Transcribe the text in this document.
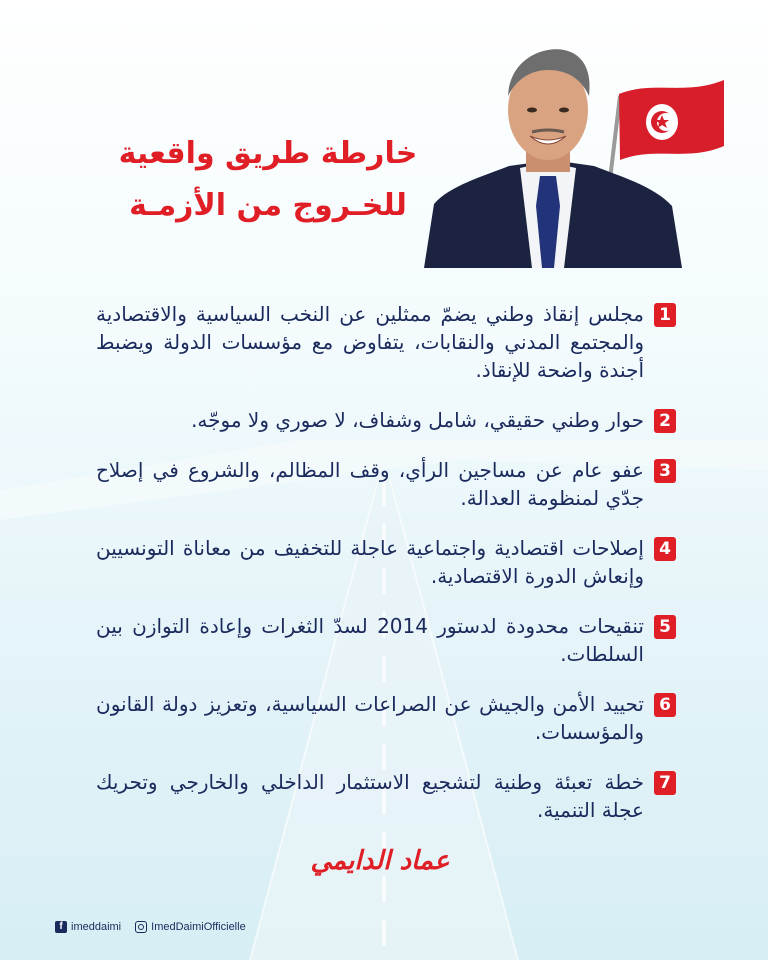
خارطة طريق واقعية
للخـروج من الأزمـة
1
مجلس إنقاذ وطني يضمّ ممثلين عن النخب السياسية والاقتصادية والمجتمع المدني والنقابات، يتفاوض مع مؤسسات الدولة ويضبط أجندة واضحة للإنقاذ.
2
حوار وطني حقيقي، شامل وشفاف، لا صوري ولا موجّه.
3
عفو عام عن مساجين الرأي، وقف المظالم، والشروع في إصلاح جدّي لمنظومة العدالة.
4
إصلاحات اقتصادية واجتماعية عاجلة للتخفيف من معاناة التونسيين وإنعاش الدورة الاقتصادية.
5
تنقيحات محدودة لدستور 2014 لسدّ الثغرات وإعادة التوازن بين السلطات.
6
تحييد الأمن والجيش عن الصراعات السياسية، وتعزيز دولة القانون والمؤسسات.
7
خطة تعبئة وطنية لتشجيع الاستثمار الداخلي والخارجي وتحريك عجلة التنمية.
عماد الدايمي
f imeddaimi	ImedDaimiOfficielle
